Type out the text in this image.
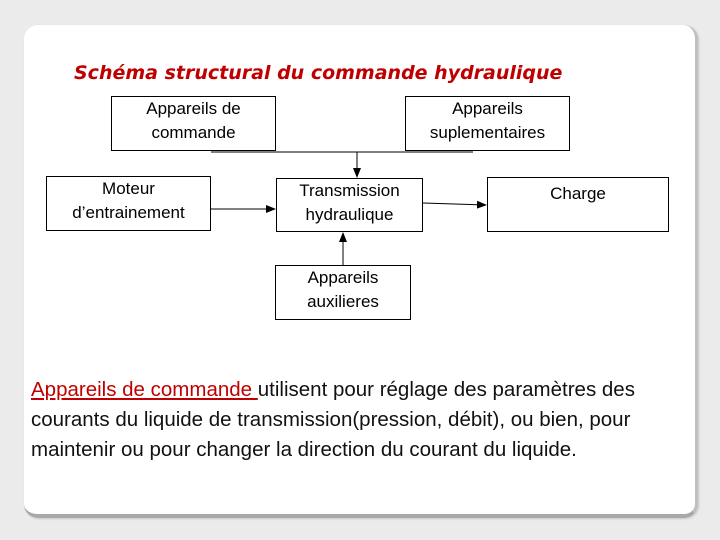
Schéma structural du commande hydraulique
Appareils de
commande
Appareils
suplementaires
Moteur
d’entrainement
Transmission
hydraulique
Charge
Appareils
auxilieres
Appareils de commande utilisent pour réglage des paramètres des courants du liquide de transmission(pression, débit), ou bien, pour maintenir ou pour changer la direction du courant du liquide.
